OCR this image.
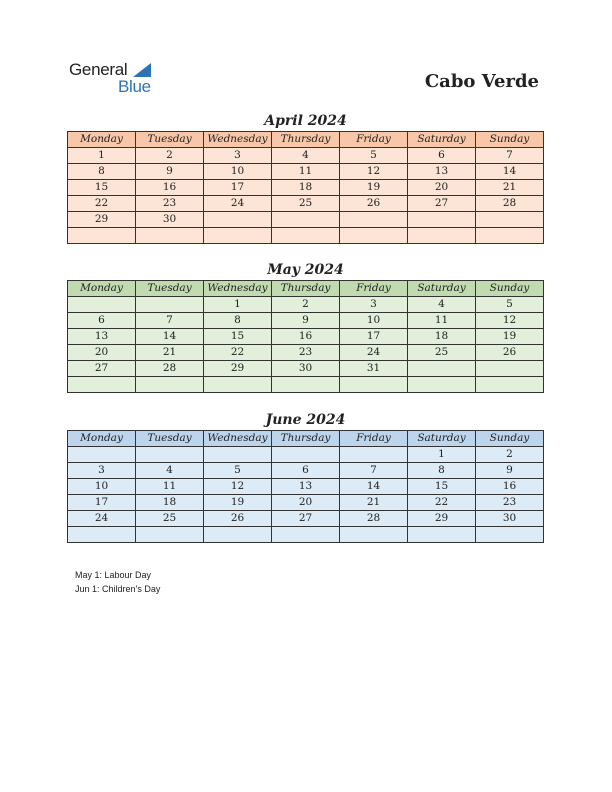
General
Blue	Cabo Verde
April 2024
Monday	Tuesday	Wednesday	Thursday	Friday	Saturday	Sunday
1	2	3	4	5	6	7
8	9	10	11	12	13	14
15	16	17	18	19	20	21
22	23	24	25	26	27	28
29	30					

May 2024
Monday	Tuesday	Wednesday	Thursday	Friday	Saturday	Sunday
		1	2	3	4	5
6	7	8	9	10	11	12
13	14	15	16	17	18	19
20	21	22	23	24	25	26
27	28	29	30	31		

June 2024
Monday	Tuesday	Wednesday	Thursday	Friday	Saturday	Sunday
					1	2
3	4	5	6	7	8	9
10	11	12	13	14	15	16
17	18	19	20	21	22	23
24	25	26	27	28	29	30

May 1: Labour Day
Jun 1: Children’s Day
